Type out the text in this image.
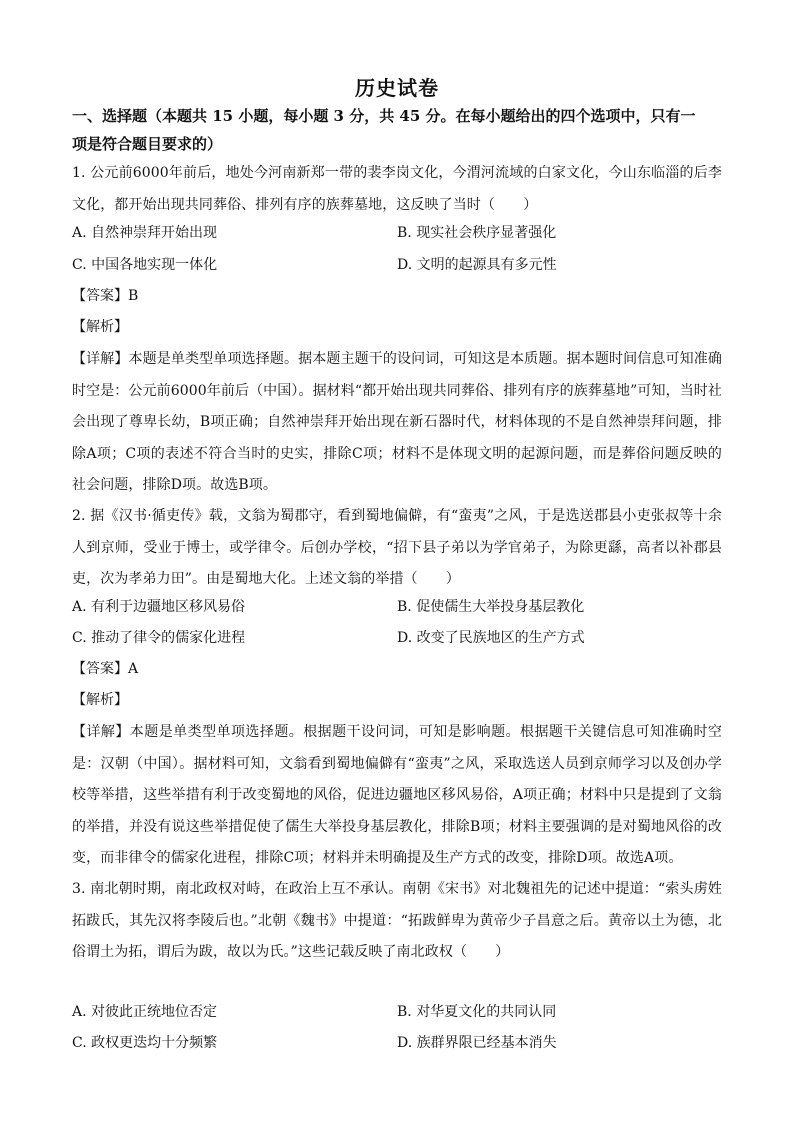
历史试卷
一、选择题（本题共 15 小题，每小题 3 分，共 45 分。在每小题给出的四个选项中，只有一
项是符合题目要求的）
1. 公元前6000年前后，地处今河南新郑一带的裴李岗文化，今渭河流域的白家文化，今山东临淄的后李文化，都开始出现共同葬俗、排列有序的族葬墓地，这反映了当时（　　）
A. 自然神崇拜开始出现	B. 现实社会秩序显著强化
C. 中国各地实现一体化	D. 文明的起源具有多元性
【答案】B
【解析】
【详解】本题是单类型单项选择题。据本题主题干的设问词，可知这是本质题。据本题时间信息可知准确时空是：公元前6000年前后（中国）。据材料“都开始出现共同葬俗、排列有序的族葬墓地”可知，当时社会出现了尊卑长幼，B项正确；自然神崇拜开始出现在新石器时代，材料体现的不是自然神崇拜问题，排除A项；C项的表述不符合当时的史实，排除C项；材料不是体现文明的起源问题，而是葬俗问题反映的社会问题，排除D项。故选B项。
2. 据《汉书·循吏传》载，文翁为蜀郡守，看到蜀地偏僻，有“蛮夷”之风，于是选送郡县小吏张叔等十余人到京师，受业于博士，或学律令。后创办学校，“招下县子弟以为学官弟子，为除更繇，高者以补郡县吏，次为孝弟力田”。由是蜀地大化。上述文翁的举措（　　）
A. 有利于边疆地区移风易俗	B. 促使儒生大举投身基层教化
C. 推动了律令的儒家化进程	D. 改变了民族地区的生产方式
【答案】A
【解析】
【详解】本题是单类型单项选择题。根据题干设问词，可知是影响题。根据题干关键信息可知准确时空是：汉朝（中国）。据材料可知，文翁看到蜀地偏僻有“蛮夷”之风，采取选送人员到京师学习以及创办学校等举措，这些举措有利于改变蜀地的风俗，促进边疆地区移风易俗，A项正确；材料中只是提到了文翁的举措，并没有说这些举措促使了儒生大举投身基层教化，排除B项；材料主要强调的是对蜀地风俗的改变，而非律令的儒家化进程，排除C项；材料并未明确提及生产方式的改变，排除D项。故选A项。
3. 南北朝时期，南北政权对峙，在政治上互不承认。南朝《宋书》对北魏祖先的记述中提道：“索头虏姓拓跋氏，其先汉将李陵后也。”北朝《魏书》中提道：“拓跋鲜卑为黄帝少子昌意之后。黄帝以土为德，北俗谓土为拓，谓后为跋，故以为氏。”这些记载反映了南北政权（　　）
A. 对彼此正统地位否定	B. 对华夏文化的共同认同
C. 政权更迭均十分频繁	D. 族群界限已经基本消失
